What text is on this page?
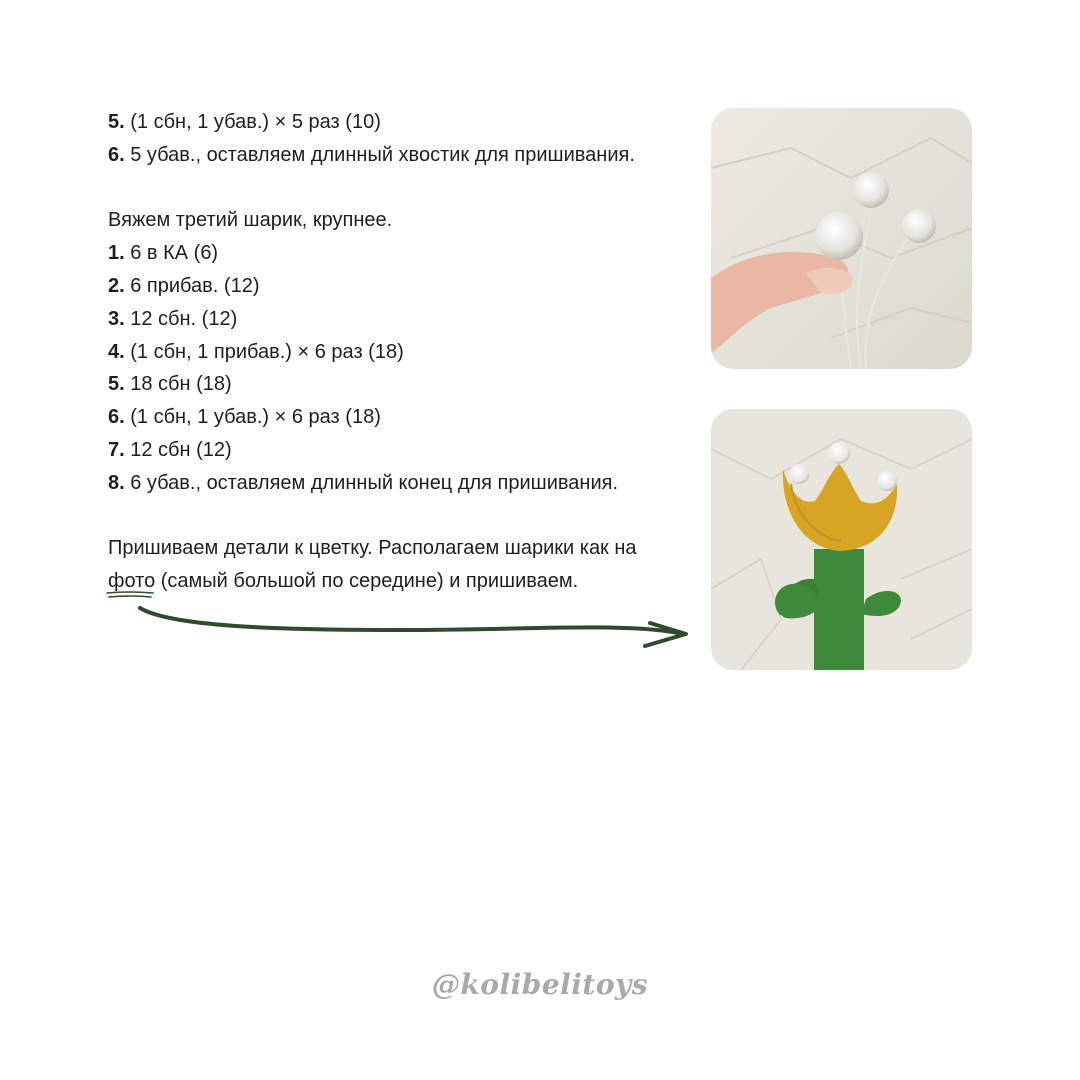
5. (1 сбн, 1 убав.) × 5 раз (10)
6. 5 убав., оставляем длинный хвостик для пришивания.
Вяжем третий шарик, крупнее.
1. 6 в КА (6)
2. 6 прибав. (12)
3. 12 сбн. (12)
4. (1 сбн, 1 прибав.) × 6 раз (18)
5. 18 сбн (18)
6. (1 сбн, 1 убав.) × 6 раз (18)
7. 12 сбн (12)
8. 6 убав., оставляем длинный конец для пришивания.
Пришиваем детали к цветку. Располагаем шарики как на
фото
(самый большой по середине) и пришиваем.
@kolibelitoys
